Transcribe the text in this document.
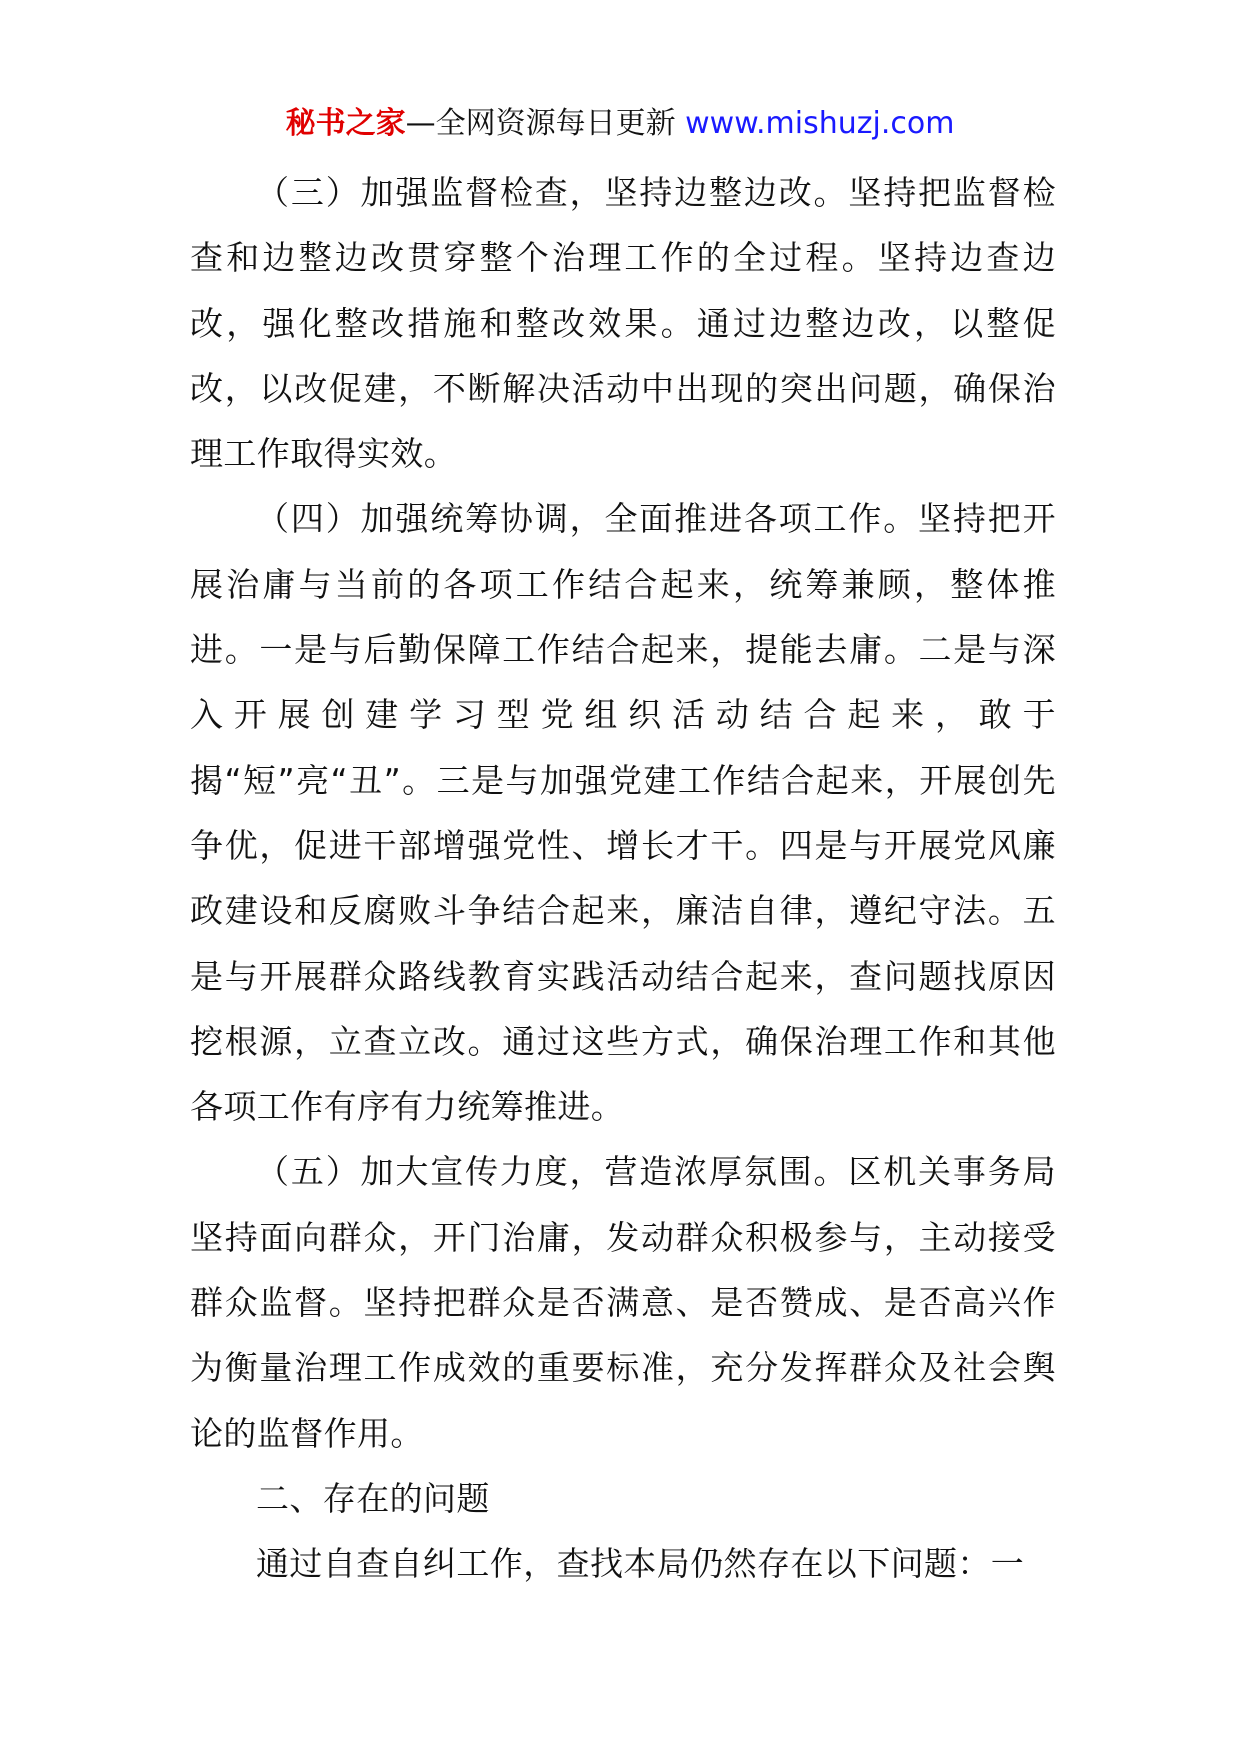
秘书之家—全网资源每日更新 www.mishuzj.com

（三）加强监督检查，坚持边整边改。坚持把监督检查和边整边改贯穿整个治理工作的全过程。坚持边查边改，强化整改措施和整改效果。通过边整边改，以整促改，以改促建，不断解决活动中出现的突出问题，确保治理工作取得实效。

（四）加强统筹协调，全面推进各项工作。坚持把开展治庸与当前的各项工作结合起来，统筹兼顾，整体推进。一是与后勤保障工作结合起来，提能去庸。二是与深入开展创建学习型党组织活动结合起来，敢于揭“短”亮“丑”。三是与加强党建工作结合起来，开展创先争优，促进干部增强党性、增长才干。四是与开展党风廉政建设和反腐败斗争结合起来，廉洁自律，遵纪守法。五是与开展群众路线教育实践活动结合起来，查问题找原因挖根源，立查立改。通过这些方式，确保治理工作和其他各项工作有序有力统筹推进。

（五）加大宣传力度，营造浓厚氛围。区机关事务局坚持面向群众，开门治庸，发动群众积极参与，主动接受群众监督。坚持把群众是否满意、是否赞成、是否高兴作为衡量治理工作成效的重要标准，充分发挥群众及社会舆论的监督作用。

二、存在的问题

通过自查自纠工作，查找本局仍然存在以下问题：一
